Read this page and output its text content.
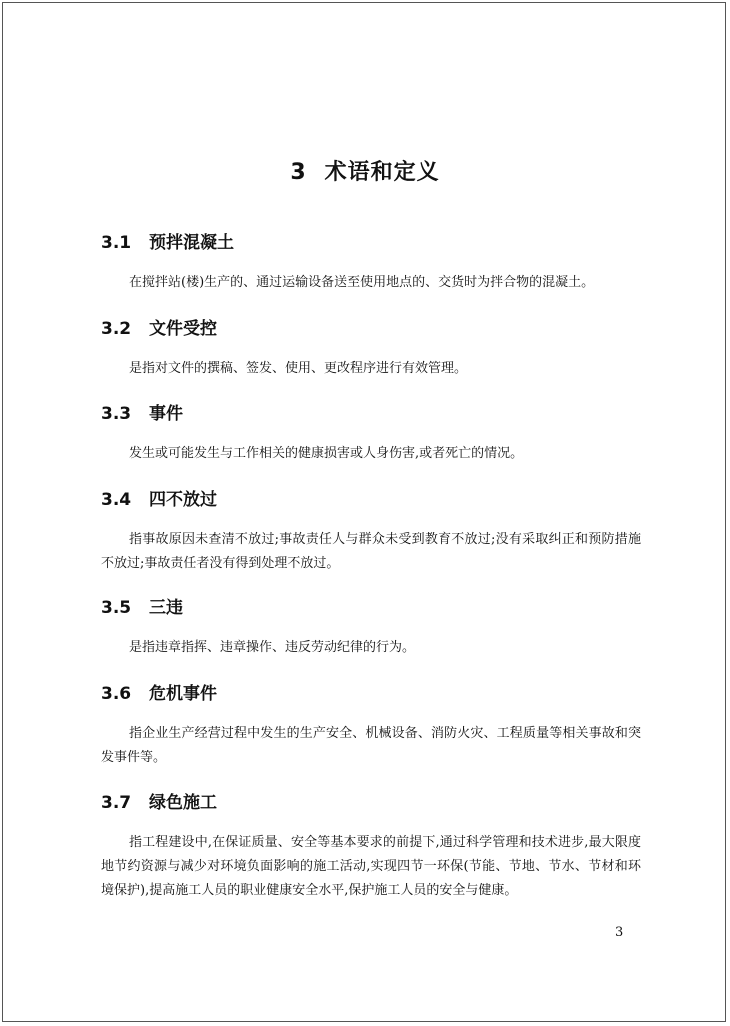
3 术语和定义
3.1 预拌混凝土
在搅拌站(楼)生产的、通过运输设备送至使用地点的、交货时为拌合物的混凝土。
3.2 文件受控
是指对文件的撰稿、签发、使用、更改程序进行有效管理。
3.3 事件
发生或可能发生与工作相关的健康损害或人身伤害,或者死亡的情况。
3.4 四不放过
指事故原因未查清不放过;事故责任人与群众未受到教育不放过;没有采取纠正和预防措施不放过;事故责任者没有得到处理不放过。
3.5 三违
是指违章指挥、违章操作、违反劳动纪律的行为。
3.6 危机事件
指企业生产经营过程中发生的生产安全、机械设备、消防火灾、工程质量等相关事故和突发事件等。
3.7 绿色施工
指工程建设中,在保证质量、安全等基本要求的前提下,通过科学管理和技术进步,最大限度地节约资源与减少对环境负面影响的施工活动,实现四节一环保(节能、节地、节水、节材和环境保护),提高施工人员的职业健康安全水平,保护施工人员的安全与健康。
3
